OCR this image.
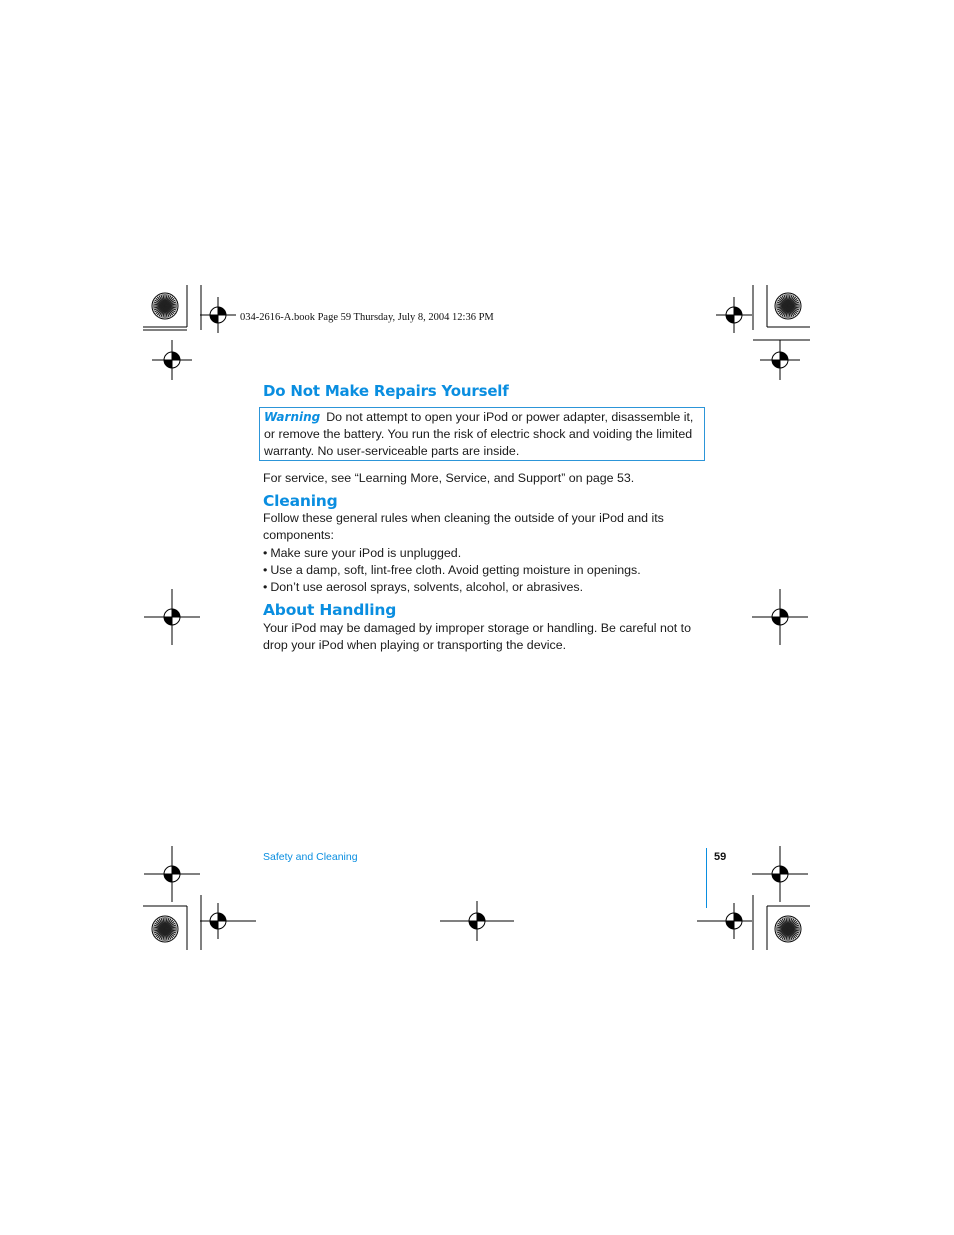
034-2616-A.book Page 59 Thursday, July 8, 2004 12:36 PM
Do Not Make Repairs Yourself
Warning Do not attempt to open your iPod or power adapter, disassemble it, or remove the battery. You run the risk of electric shock and voiding the limited warranty. No user-serviceable parts are inside.
For service, see “Learning More, Service, and Support” on page 53.
Cleaning
Follow these general rules when cleaning the outside of your iPod and its components:
• Make sure your iPod is unplugged.
• Use a damp, soft, lint-free cloth. Avoid getting moisture in openings.
• Don’t use aerosol sprays, solvents, alcohol, or abrasives.
About Handling
Your iPod may be damaged by improper storage or handling. Be careful not to drop your iPod when playing or transporting the device.
Safety and Cleaning	59
